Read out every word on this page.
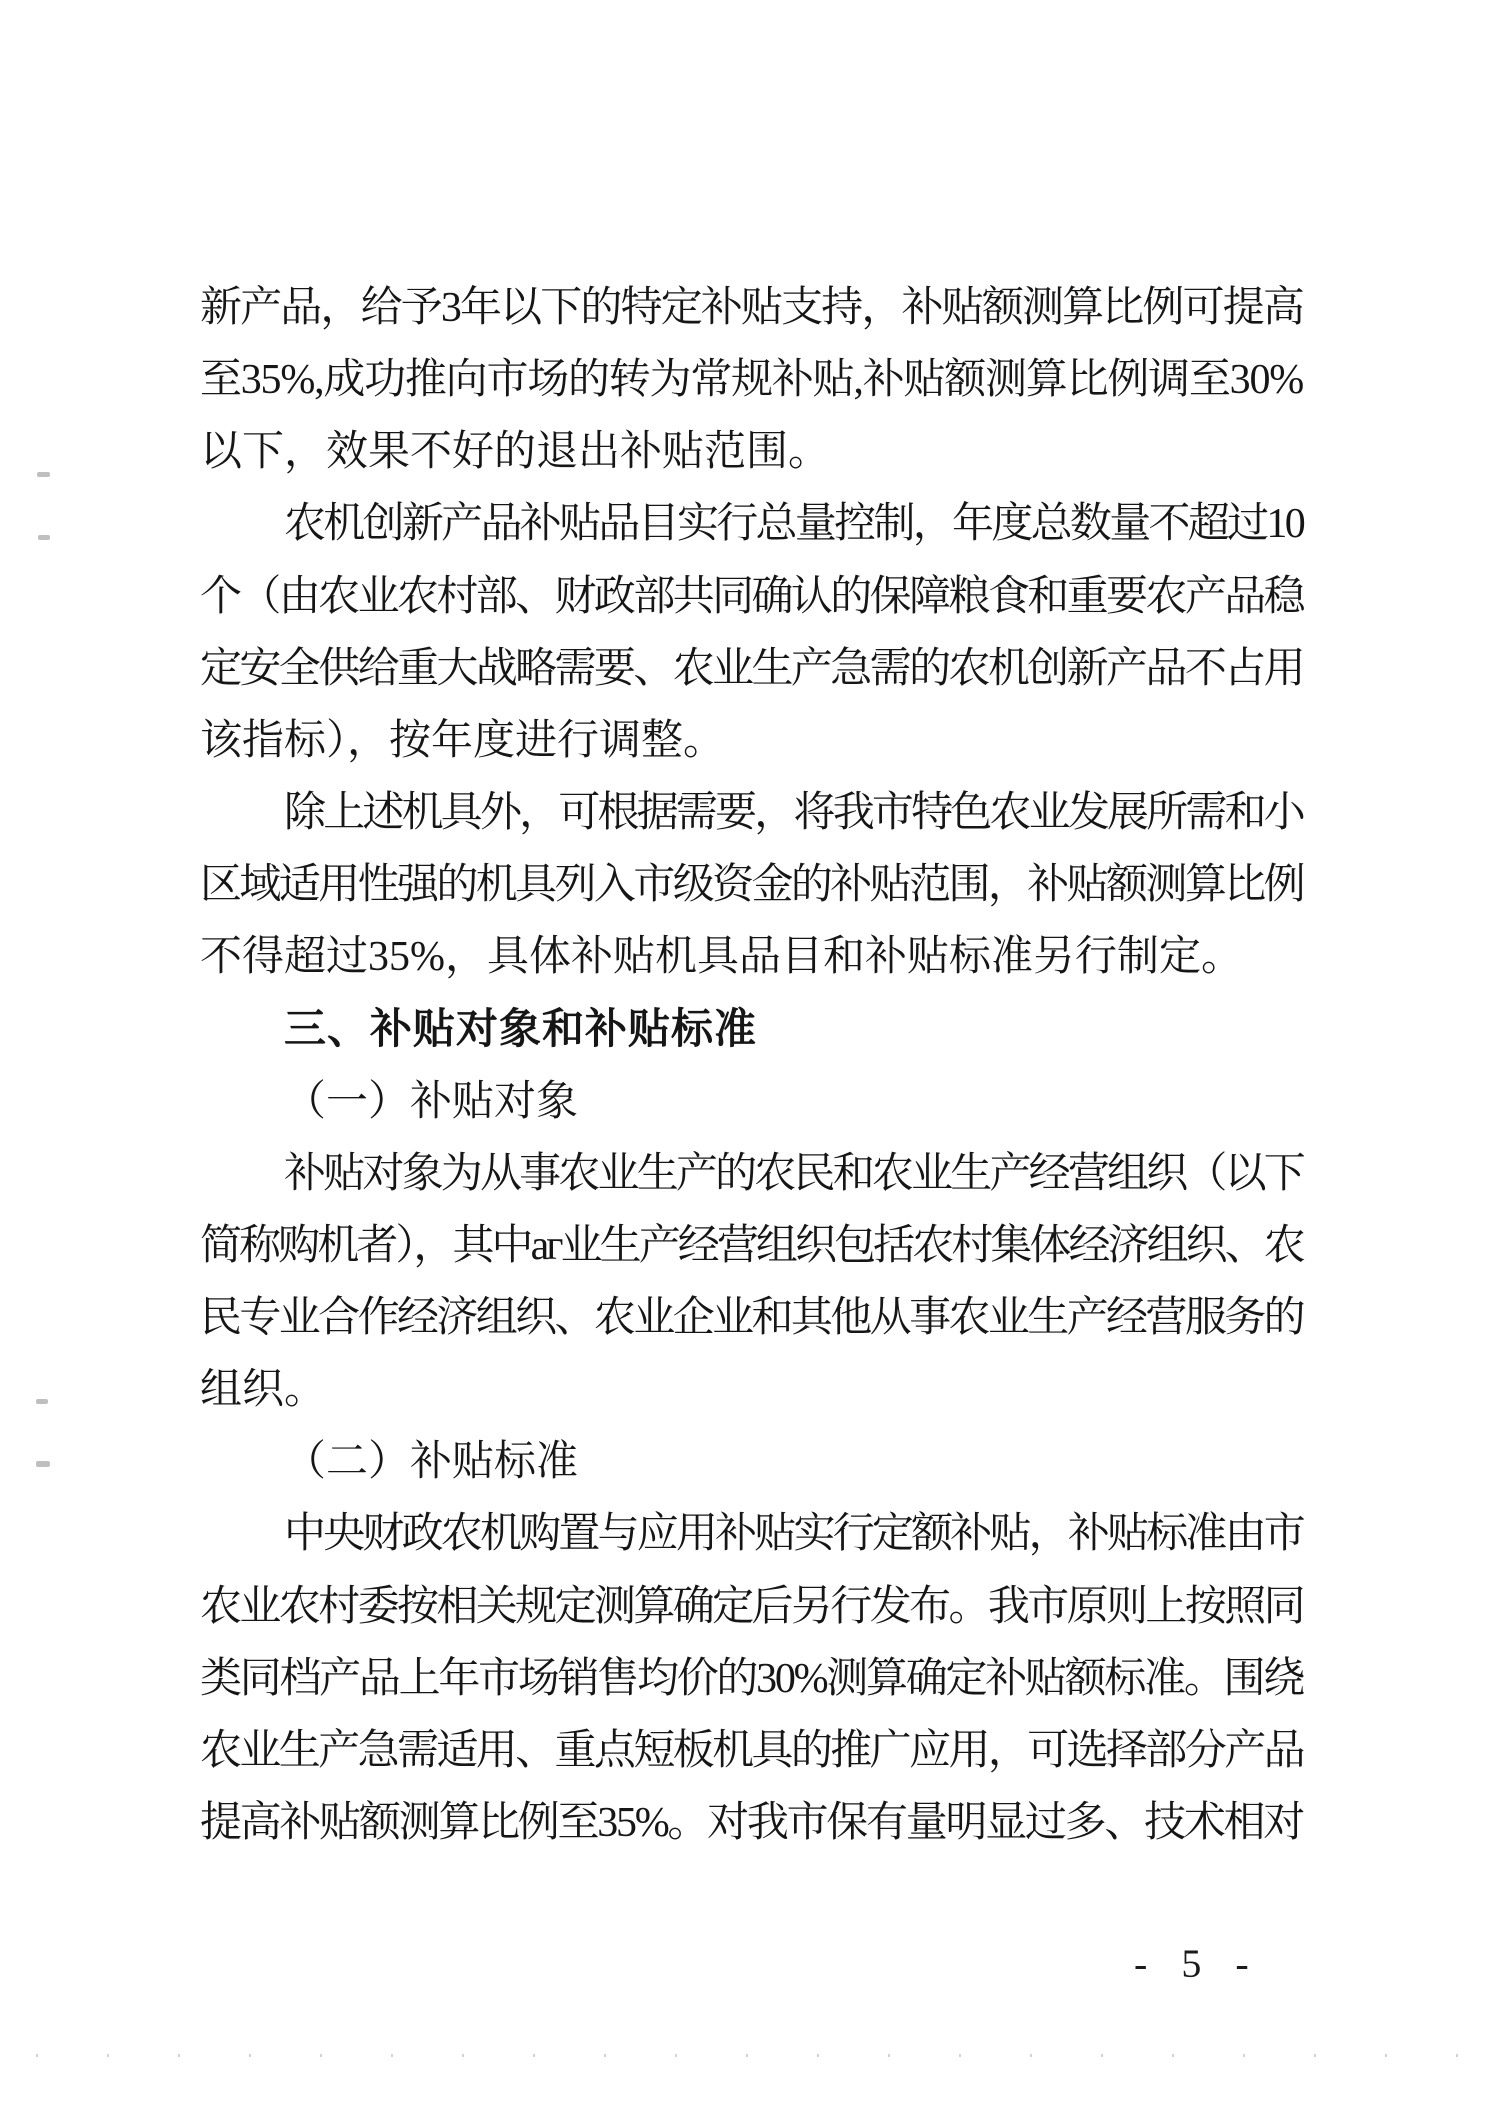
新产品，给予3年以下的特定补贴支持，补贴额测算比例可提高
至35%,成功推向市场的转为常规补贴,补贴额测算比例调至30%
以下，效果不好的退出补贴范围。
农机创新产品补贴品目实行总量控制，年度总数量不超过10
个（由农业农村部、财政部共同确认的保障粮食和重要农产品稳
定安全供给重大战略需要、农业生产急需的农机创新产品不占用
该指标），按年度进行调整。
除上述机具外，可根据需要，将我市特色农业发展所需和小
区域适用性强的机具列入市级资金的补贴范围，补贴额测算比例
不得超过35%，具体补贴机具品目和补贴标准另行制定。
三、补贴对象和补贴标准
（一）补贴对象
补贴对象为从事农业生产的农民和农业生产经营组织（以下
简称购机者），其中аг业生产经营组织包括农村集体经济组织、农
民专业合作经济组织、农业企业和其他从事农业生产经营服务的
组织。
（二）补贴标准
中央财政农机购置与应用补贴实行定额补贴，补贴标准由市
农业农村委按相关规定测算确定后另行发布。我市原则上按照同
类同档产品上年市场销售均价的30%测算确定补贴额标准。围绕
农业生产急需适用、重点短板机具的推广应用，可选择部分产品
提高补贴额测算比例至35%。对我市保有量明显过多、技术相对
- 5 -
